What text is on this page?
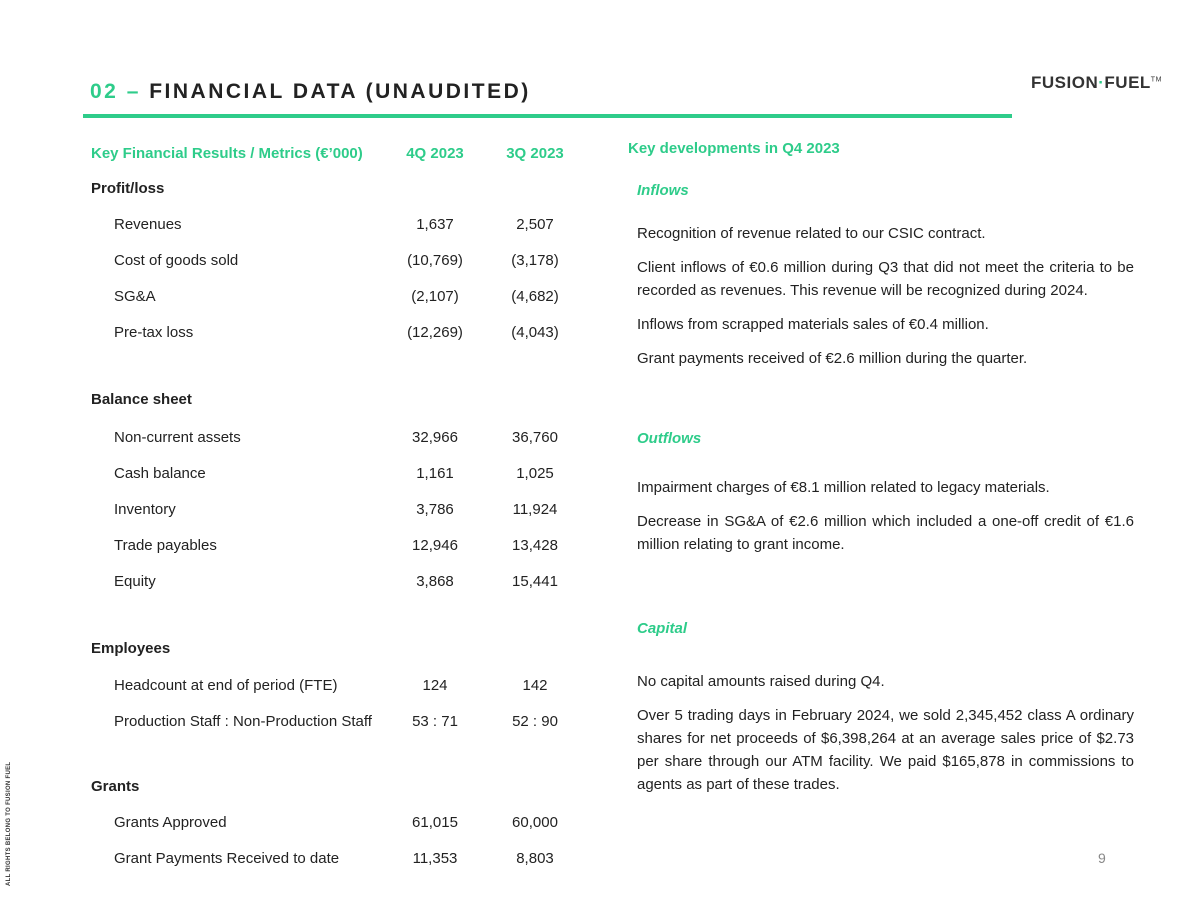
02 – FINANCIAL DATA (UNAUDITED)	FUSION·FUEL™
ALL RIGHTS BELONG TO FUSION FUEL	9
Key Financial Results / Metrics (€’000)	4Q 2023	3Q 2023
Profit/loss
Revenues	1,637	2,507
Cost of goods sold	(10,769)	(3,178)
SG&A	(2,107)	(4,682)
Pre-tax loss	(12,269)	(4,043)
Balance sheet
Non-current assets	32,966	36,760
Cash balance	1,161	1,025
Inventory	3,786	11,924
Trade payables	12,946	13,428
Equity	3,868	15,441
Employees
Headcount at end of period (FTE)	124	142
Production Staff : Non-Production Staff	53 : 71	52 : 90
Grants
Grants Approved	61,015	60,000
Grant Payments Received to date	11,353	8,803
Key developments in Q4 2023
Inflows

Recognition of revenue related to our CSIC contract.

Client inflows of €0.6 million during Q3 that did not meet the criteria to be recorded as revenues. This revenue will be recognized during 2024.

Inflows from scrapped materials sales of €0.4 million.

Grant payments received of €2.6 million during the quarter.

Outflows

Impairment charges of €8.1 million related to legacy materials.

Decrease in SG&A of €2.6 million which included a one-off credit of €1.6 million relating to grant income.

Capital

No capital amounts raised during Q4.

Over 5 trading days in February 2024, we sold 2,345,452 class A ordinary shares for net proceeds of $6,398,264 at an average sales price of $2.73 per share through our ATM facility. We paid $165,878 in commissions to agents as part of these trades.
